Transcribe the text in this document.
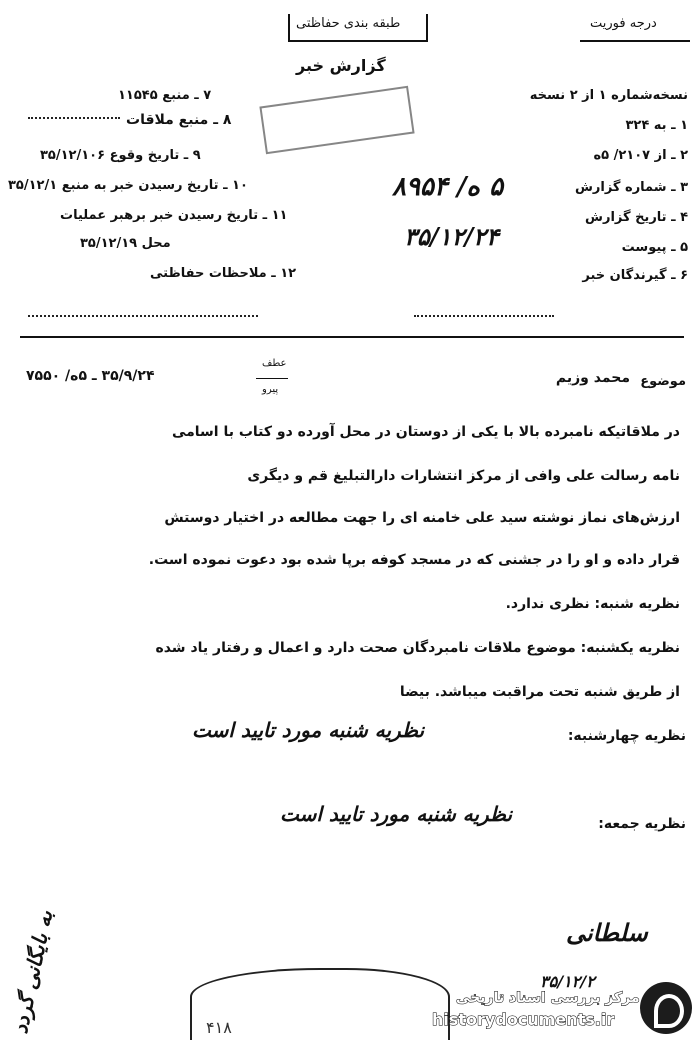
طبقه بندی حفاظتی	درجه فوریت
گزارش خبر
نسخه‌شماره ۱ از ۲ نسخه
۱ ـ به ۳۲۴
۲ ـ از ۲۱۰۷/ ۵ه
۳ ـ شماره گزارش
۴ ـ تاریخ گزارش
۵ ـ پیوست
۶ ـ گیرندگان خبر
۵ ه/ ۸۹۵۴
۳۵/۱۲/۲۴
۷ ـ منبع ۱۱۵۴۵
۸ ـ منبع ملاقات
۹ ـ تاریخ وقوع ۳۵/۱۲/۱۰۶
۱۰ ـ تاریخ رسیدن خبر به منبع ۳۵/۱۲/۱
۱۱ ـ تاریخ رسیدن خبر برهبر عملیات
محل ۳۵/۱۲/۱۹
۱۲ ـ ملاحظات حفاظتی
موضوع
محمد وزیم
عطف
پیرو
۳۵/۹/۲۴ ـ ۵ه/ ۷۵۵۰
در ملاقاتیکه نامبرده بالا با یکی از دوستان در محل آورده دو کتاب با اسامی
نامه رسالت علی وافی از مرکز انتشارات دارالتبلیغ قم و دیگری
ارزش‌های نماز نوشته سید علی خامنه ای را جهت مطالعه در اختیار دوستش
قرار داده و او را در جشنی که در مسجد کوفه برپا شده بود دعوت نموده است.
نظریه شنبه: نظری ندارد.
نظریه یکشنبه: موضوع ملاقات نامبردگان صحت دارد و اعمال و رفتار یاد شده
از طریق شنبه تحت مراقبت میباشد. بیضا
نظریه چهارشنبه:
نظریه شنبه مورد تایید است
نظریه جمعه:
نظریه شنبه مورد تایید است
سلطانی
۳۵/۱۲/۲
به بایگانی گردد	۴۱۸
مرکز بررسی اسناد تاریخی
historydocuments.ir
